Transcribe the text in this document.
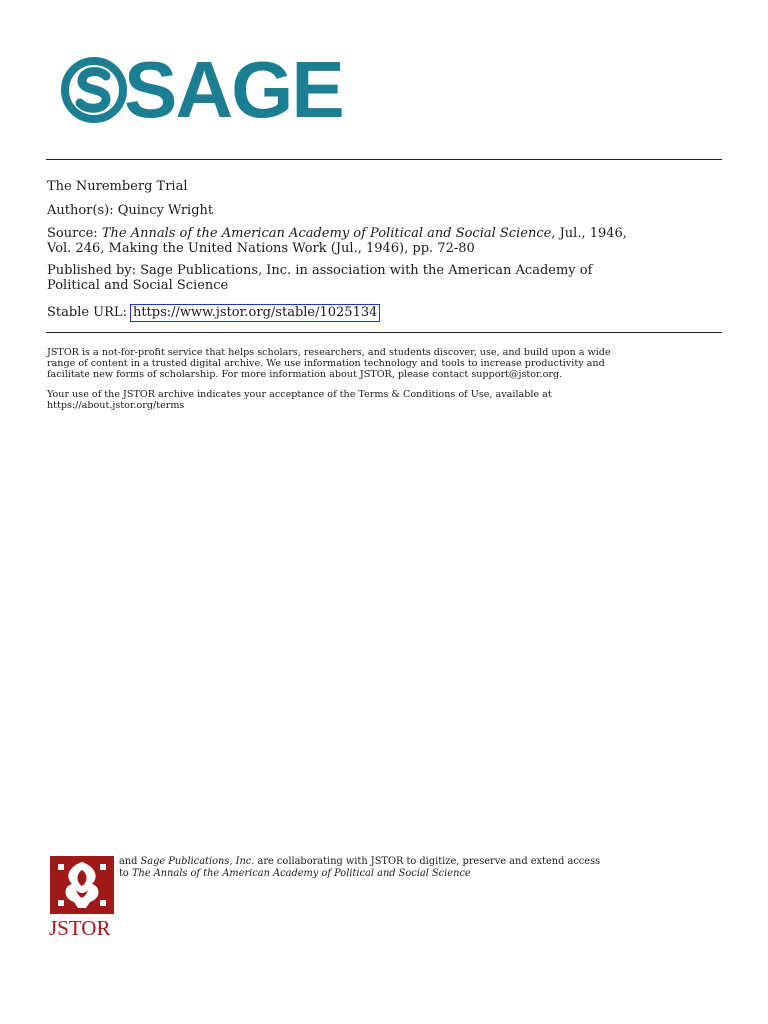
SAGE
The Nuremberg Trial
Author(s): Quincy Wright
Source: The Annals of the American Academy of Political and Social Science, Jul., 1946,
Vol. 246, Making the United Nations Work (Jul., 1946), pp. 72-80
Published by: Sage Publications, Inc. in association with the American Academy of
Political and Social Science
Stable URL: https://www.jstor.org/stable/1025134
JSTOR is a not-for-profit service that helps scholars, researchers, and students discover, use, and build upon a wide
range of content in a trusted digital archive. We use information technology and tools to increase productivity and
facilitate new forms of scholarship. For more information about JSTOR, please contact support@jstor.org.
Your use of the JSTOR archive indicates your acceptance of the Terms & Conditions of Use, available at
https://about.jstor.org/terms
JSTOR
and Sage Publications, Inc. are collaborating with JSTOR to digitize, preserve and extend access
to The Annals of the American Academy of Political and Social Science
